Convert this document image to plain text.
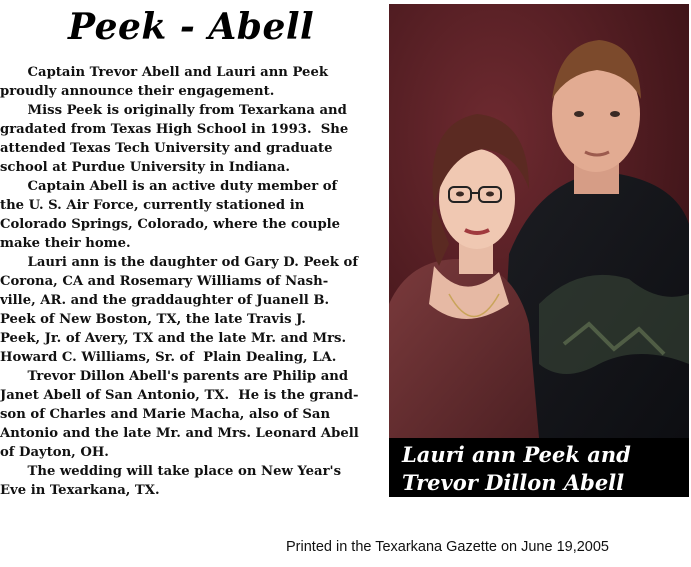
Peek - Abell
Captain Trevor Abell and Lauri ann Peek
proudly announce their engagement.
Miss Peek is originally from Texarkana and
gradated from Texas High School in 1993.  She
attended Texas Tech University and graduate
school at Purdue University in Indiana.
Captain Abell is an active duty member of
the U. S. Air Force, currently stationed in
Colorado Springs, Colorado, where the couple
make their home.
Lauri ann is the daughter od Gary D. Peek of
Corona, CA and Rosemary Williams of Nash-
ville, AR. and the graddaughter of Juanell B.
Peek of New Boston, TX, the late Travis J.
Peek, Jr. of Avery, TX and the late Mr. and Mrs.
Howard C. Williams, Sr. of  Plain Dealing, LA.
Trevor Dillon Abell's parents are Philip and
Janet Abell of San Antonio, TX.  He is the grand-
son of Charles and Marie Macha, also of San
Antonio and the late Mr. and Mrs. Leonard Abell
of Dayton, OH.
The wedding will take place on New Year's
Eve in Texarkana, TX.
Lauri ann Peek and
Trevor Dillon Abell
Printed in the Texarkana Gazette on June 19,2005
